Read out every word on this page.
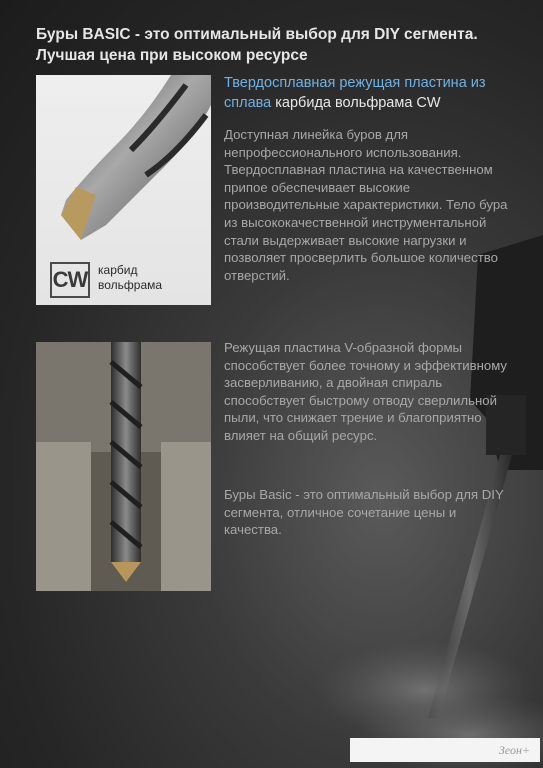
Буры BASIC - это оптимальный выбор для DIY сегмента. Лучшая цена при высоком ресурсе
CW карбид
вольфрама
Твердосплавная режущая пластина из сплава карбида вольфрама CW

Доступная линейка буров для непрофессионального использования. Твердосплавная пластина на качественном припое обеспечивает высокие производительные характеристики. Тело бура из высококачественной инструментальной стали выдерживает высокие нагрузки и позволяет просверлить большое количество отверстий.

Режущая пластина V-образной формы способствует более точному и эффективному засверливанию, а двойная спираль способствует быстрому отводу сверлильной пыли, что снижает трение и благоприятно влияет на общий ресурс.

Буры Basic - это оптимальный выбор для DIY сегмента, отличное сочетание цены и качества.

Зеон+
